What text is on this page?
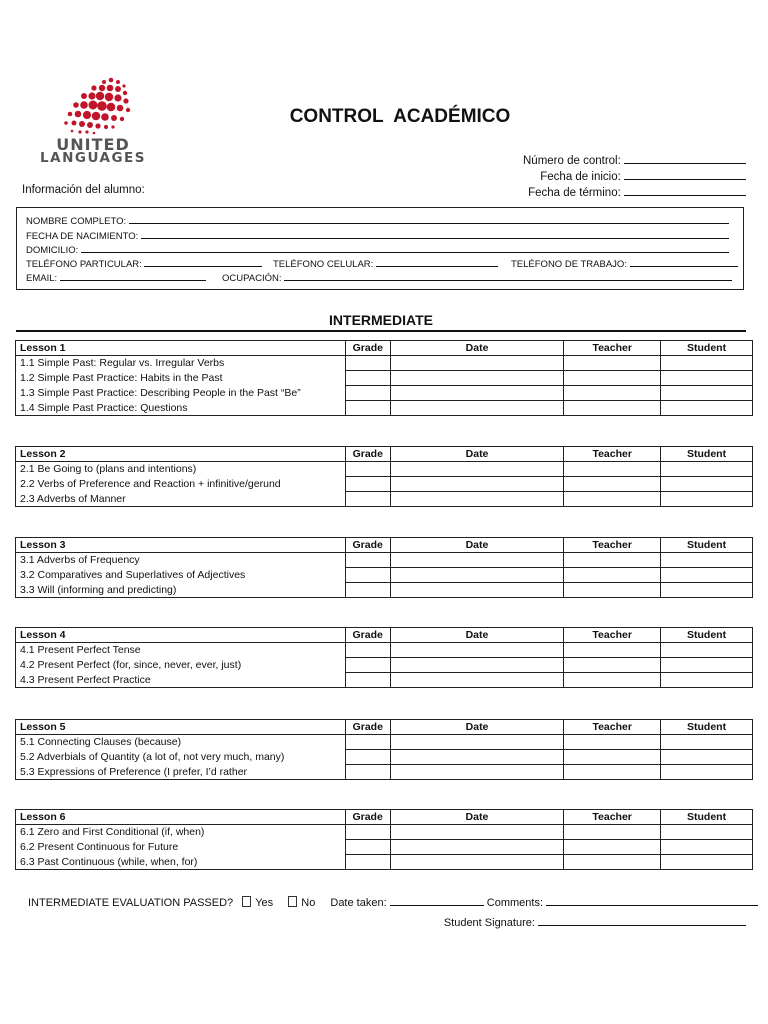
UNITED
LANGUAGES
CONTROL  ACADÉMICO
Número de control:
Fecha de inicio:
Fecha de término:
Información del alumno:
NOMBRE COMPLETO:
FECHA DE NACIMIENTO:
DOMICILIO:
TELÉFONO PARTICULAR:	TELÉFONO CELULAR:	TELÉFONO DE TRABAJO:
EMAIL:	OCUPACIÓN:
INTERMEDIATE
Lesson 1	Grade	Date	Teacher	Student
1.1 Simple Past: Regular vs. Irregular Verbs				
1.2 Simple Past Practice: Habits in the Past				
1.3 Simple Past Practice: Describing People in the Past “Be”				
1.4 Simple Past Practice: Questions				
Lesson 2	Grade	Date	Teacher	Student
2.1 Be Going to (plans and intentions)				
2.2 Verbs of Preference and Reaction + infinitive/gerund				
2.3 Adverbs of Manner				
Lesson 3	Grade	Date	Teacher	Student
3.1 Adverbs of Frequency				
3.2 Comparatives and Superlatives of Adjectives				
3.3 Will (informing and predicting)				
Lesson 4	Grade	Date	Teacher	Student
4.1 Present Perfect Tense				
4.2 Present Perfect (for, since, never, ever, just)				
4.3 Present Perfect Practice				
Lesson 5	Grade	Date	Teacher	Student
5.1 Connecting Clauses (because)				
5.2 Adverbials of Quantity (a lot of, not very much, many)				
5.3 Expressions of Preference (I prefer, I’d rather				
Lesson 6	Grade	Date	Teacher	Student
6.1 Zero and First Conditional (if, when)				
6.2 Present Continuous for Future				
6.3 Past Continuous (while, when, for)				
INTERMEDIATE EVALUATION PASSED? Yes	No Date taken:	Comments:
Student Signature:
